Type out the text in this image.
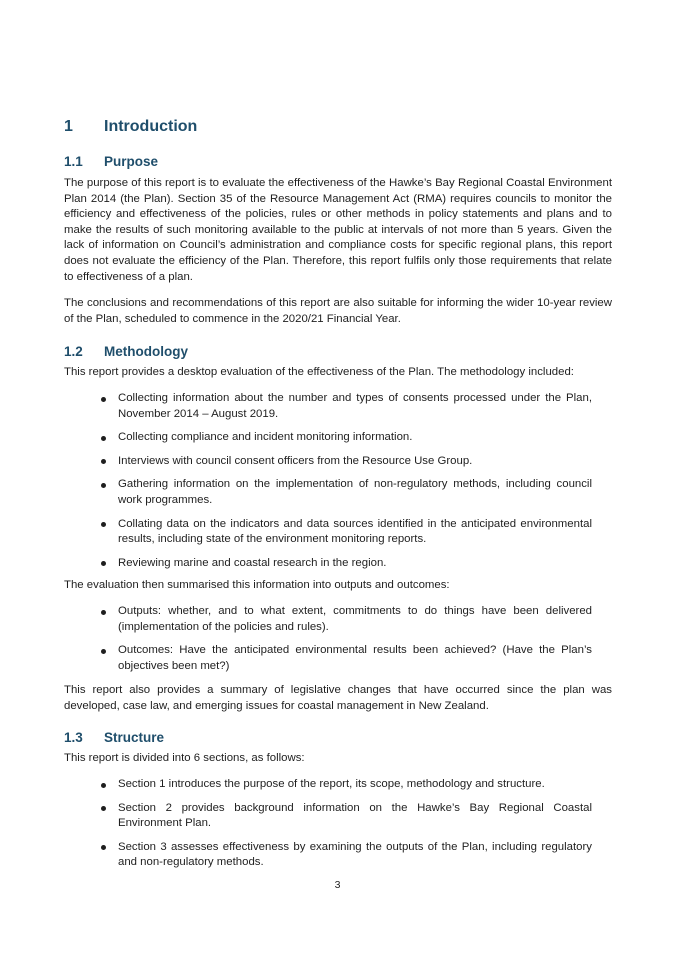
1	Introduction
1.1	Purpose

The purpose of this report is to evaluate the effectiveness of the Hawke’s Bay Regional Coastal Environment Plan 2014 (the Plan). Section 35 of the Resource Management Act (RMA) requires councils to monitor the efficiency and effectiveness of the policies, rules or other methods in policy statements and plans and to make the results of such monitoring available to the public at intervals of not more than 5 years. Given the lack of information on Council’s administration and compliance costs for specific regional plans, this report does not evaluate the efficiency of the Plan. Therefore, this report fulfils only those requirements that relate to effectiveness of a plan.

The conclusions and recommendations of this report are also suitable for informing the wider 10-year review of the Plan, scheduled to commence in the 2020/21 Financial Year.

1.2	Methodology

This report provides a desktop evaluation of the effectiveness of the Plan. The methodology included:

Collecting information about the number and types of consents processed under the Plan, November 2014 – August 2019.
Collecting compliance and incident monitoring information.
Interviews with council consent officers from the Resource Use Group.
Gathering information on the implementation of non-regulatory methods, including council work programmes.
Collating data on the indicators and data sources identified in the anticipated environmental results, including state of the environment monitoring reports.
Reviewing marine and coastal research in the region.

The evaluation then summarised this information into outputs and outcomes:

Outputs: whether, and to what extent, commitments to do things have been delivered (implementation of the policies and rules).
Outcomes: Have the anticipated environmental results been achieved? (Have the Plan’s objectives been met?)

This report also provides a summary of legislative changes that have occurred since the plan was developed, case law, and emerging issues for coastal management in New Zealand.

1.3	Structure

This report is divided into 6 sections, as follows:

Section 1 introduces the purpose of the report, its scope, methodology and structure.
Section 2 provides background information on the Hawke’s Bay Regional Coastal Environment Plan.
Section 3 assesses effectiveness by examining the outputs of the Plan, including regulatory and non-regulatory methods.
3
